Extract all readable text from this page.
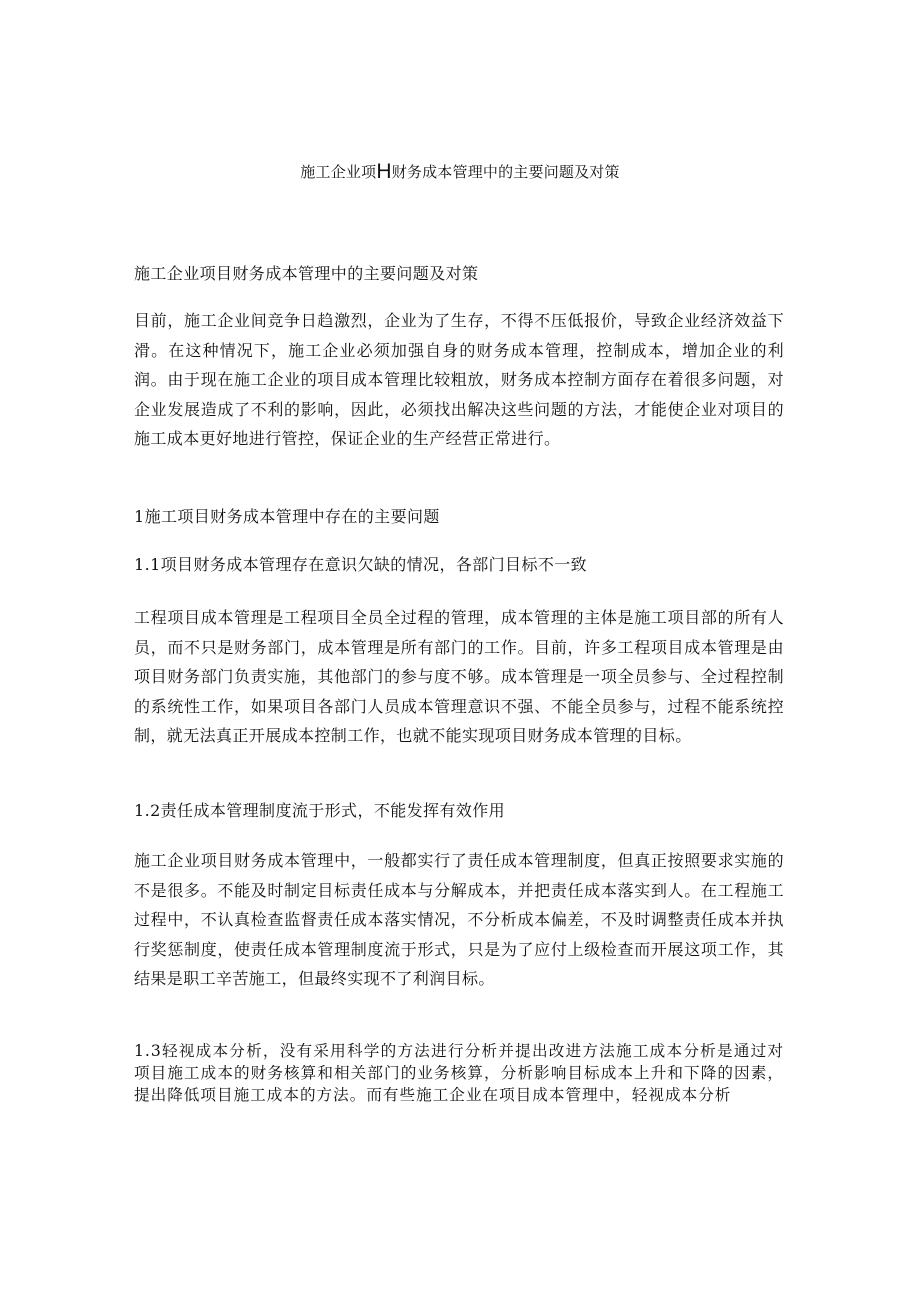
施工企业项H财务成本管理中的主要问题及对策

施工企业项目财务成本管理中的主要问题及对策

目前，施工企业间竞争日趋激烈，企业为了生存，不得不压低报价，导致企业经济效益下滑。在这种情况下，施工企业必须加强自身的财务成本管理，控制成本，增加企业的利润。由于现在施工企业的项目成本管理比较粗放，财务成本控制方面存在着很多问题，对企业发展造成了不利的影响，因此，必须找出解决这些问题的方法，才能使企业对项目的施工成本更好地进行管控，保证企业的生产经营正常进行。

1施工项目财务成本管理中存在的主要问题

1.1项目财务成本管理存在意识欠缺的情况，各部门目标不一致

工程项目成本管理是工程项目全员全过程的管理，成本管理的主体是施工项目部的所有人员，而不只是财务部门，成本管理是所有部门的工作。目前，许多工程项目成本管理是由项目财务部门负责实施，其他部门的参与度不够。成本管理是一项全员参与、全过程控制的系统性工作，如果项目各部门人员成本管理意识不强、不能全员参与，过程不能系统控制，就无法真正开展成本控制工作，也就不能实现项目财务成本管理的目标。

1.2责任成本管理制度流于形式，不能发挥有效作用

施工企业项目财务成本管理中，一般都实行了责任成本管理制度，但真正按照要求实施的不是很多。不能及时制定目标责任成本与分解成本，并把责任成本落实到人。在工程施工过程中，不认真检查监督责任成本落实情况，不分析成本偏差，不及时调整责任成本并执行奖惩制度，使责任成本管理制度流于形式，只是为了应付上级检查而开展这项工作，其结果是职工辛苦施工，但最终实现不了利润目标。

1.3轻视成本分析，没有采用科学的方法进行分析并提出改进方法施工成本分析是通过对项目施工成本的财务核算和相关部门的业务核算，分析影响目标成本上升和下降的因素，提出降低项目施工成本的方法。而有些施工企业在项目成本管理中，轻视成本分析
